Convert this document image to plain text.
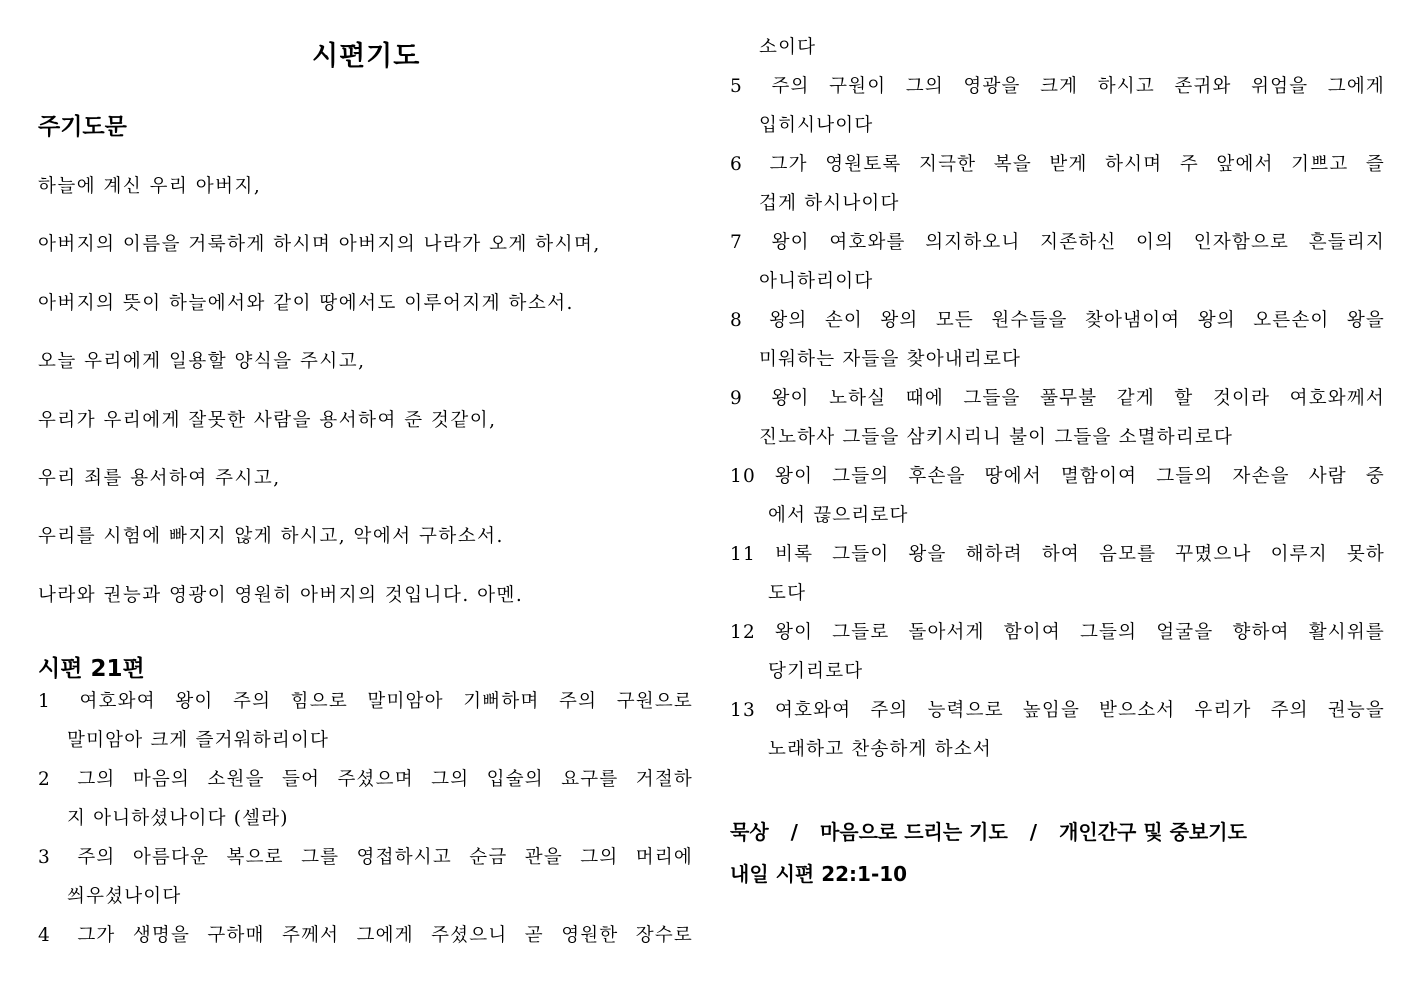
시편기도
주기도문
하늘에 계신 우리 아버지,
아버지의 이름을 거룩하게 하시며 아버지의 나라가 오게 하시며,
아버지의 뜻이 하늘에서와 같이 땅에서도 이루어지게 하소서.
오늘 우리에게 일용할 양식을 주시고,
우리가 우리에게 잘못한 사람을 용서하여 준 것같이,
우리 죄를 용서하여 주시고,
우리를 시험에 빠지지 않게 하시고, 악에서 구하소서.
나라와 권능과 영광이 영원히 아버지의 것입니다. 아멘.
시편 21편
1 여호와여 왕이 주의 힘으로 말미암아 기뻐하며 주의 구원으로
말미암아 크게 즐거워하리이다
2 그의 마음의 소원을 들어 주셨으며 그의 입술의 요구를 거절하
지 아니하셨나이다 (셀라)
3 주의 아름다운 복으로 그를 영접하시고 순금 관을 그의 머리에
씌우셨나이다
4 그가 생명을 구하매 주께서 그에게 주셨으니 곧 영원한 장수로
소이다
5 주의 구원이 그의 영광을 크게 하시고 존귀와 위엄을 그에게
입히시나이다
6 그가 영원토록 지극한 복을 받게 하시며 주 앞에서 기쁘고 즐
겁게 하시나이다
7 왕이 여호와를 의지하오니 지존하신 이의 인자함으로 흔들리지
아니하리이다
8 왕의 손이 왕의 모든 원수들을 찾아냄이여 왕의 오른손이 왕을
미워하는 자들을 찾아내리로다
9 왕이 노하실 때에 그들을 풀무불 같게 할 것이라 여호와께서
진노하사 그들을 삼키시리니 불이 그들을 소멸하리로다
10 왕이 그들의 후손을 땅에서 멸함이여 그들의 자손을 사람 중
에서 끊으리로다
11 비록 그들이 왕을 해하려 하여 음모를 꾸몄으나 이루지 못하
도다
12 왕이 그들로 돌아서게 함이여 그들의 얼굴을 향하여 활시위를
당기리로다
13 여호와여 주의 능력으로 높임을 받으소서 우리가 주의 권능을
노래하고 찬송하게 하소서
묵상 / 마음으로 드리는 기도 / 개인간구 및 중보기도
내일 시편 22:1-10
